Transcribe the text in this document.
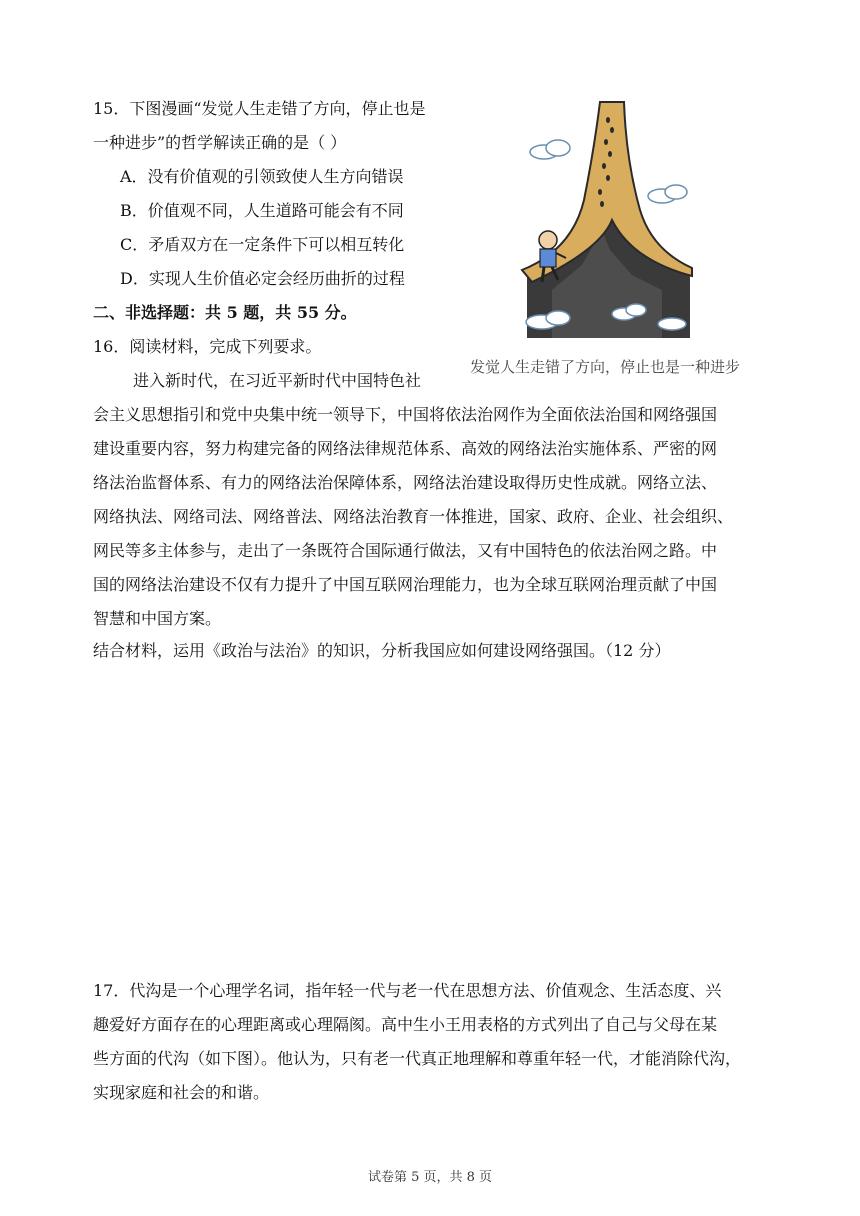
15．下图漫画“发觉人生走错了方向，停止也是
一种进步”的哲学解读正确的是（ ）
A．没有价值观的引领致使人生方向错误
B．价值观不同，人生道路可能会有不同
C．矛盾双方在一定条件下可以相互转化
D．实现人生价值必定会经历曲折的过程
发觉人生走错了方向，停止也是一种进步
二、非选择题：共 5 题，共 55 分。
16．阅读材料，完成下列要求。
进入新时代，在习近平新时代中国特色社
会主义思想指引和党中央集中统一领导下，中国将依法治网作为全面依法治国和网络强国
建设重要内容，努力构建完备的网络法律规范体系、高效的网络法治实施体系、严密的网
络法治监督体系、有力的网络法治保障体系，网络法治建设取得历史性成就。网络立法、
网络执法、网络司法、网络普法、网络法治教育一体推进，国家、政府、企业、社会组织、
网民等多主体参与，走出了一条既符合国际通行做法，又有中国特色的依法治网之路。中
国的网络法治建设不仅有力提升了中国互联网治理能力，也为全球互联网治理贡献了中国
智慧和中国方案。
结合材料，运用《政治与法治》的知识，分析我国应如何建设网络强国。（12 分）
17．代沟是一个心理学名词，指年轻一代与老一代在思想方法、价值观念、生活态度、兴
趣爱好方面存在的心理距离或心理隔阂。高中生小王用表格的方式列出了自己与父母在某
些方面的代沟（如下图）。他认为，只有老一代真正地理解和尊重年轻一代，才能消除代沟，
实现家庭和社会的和谐。
试卷第 5 页，共 8 页
